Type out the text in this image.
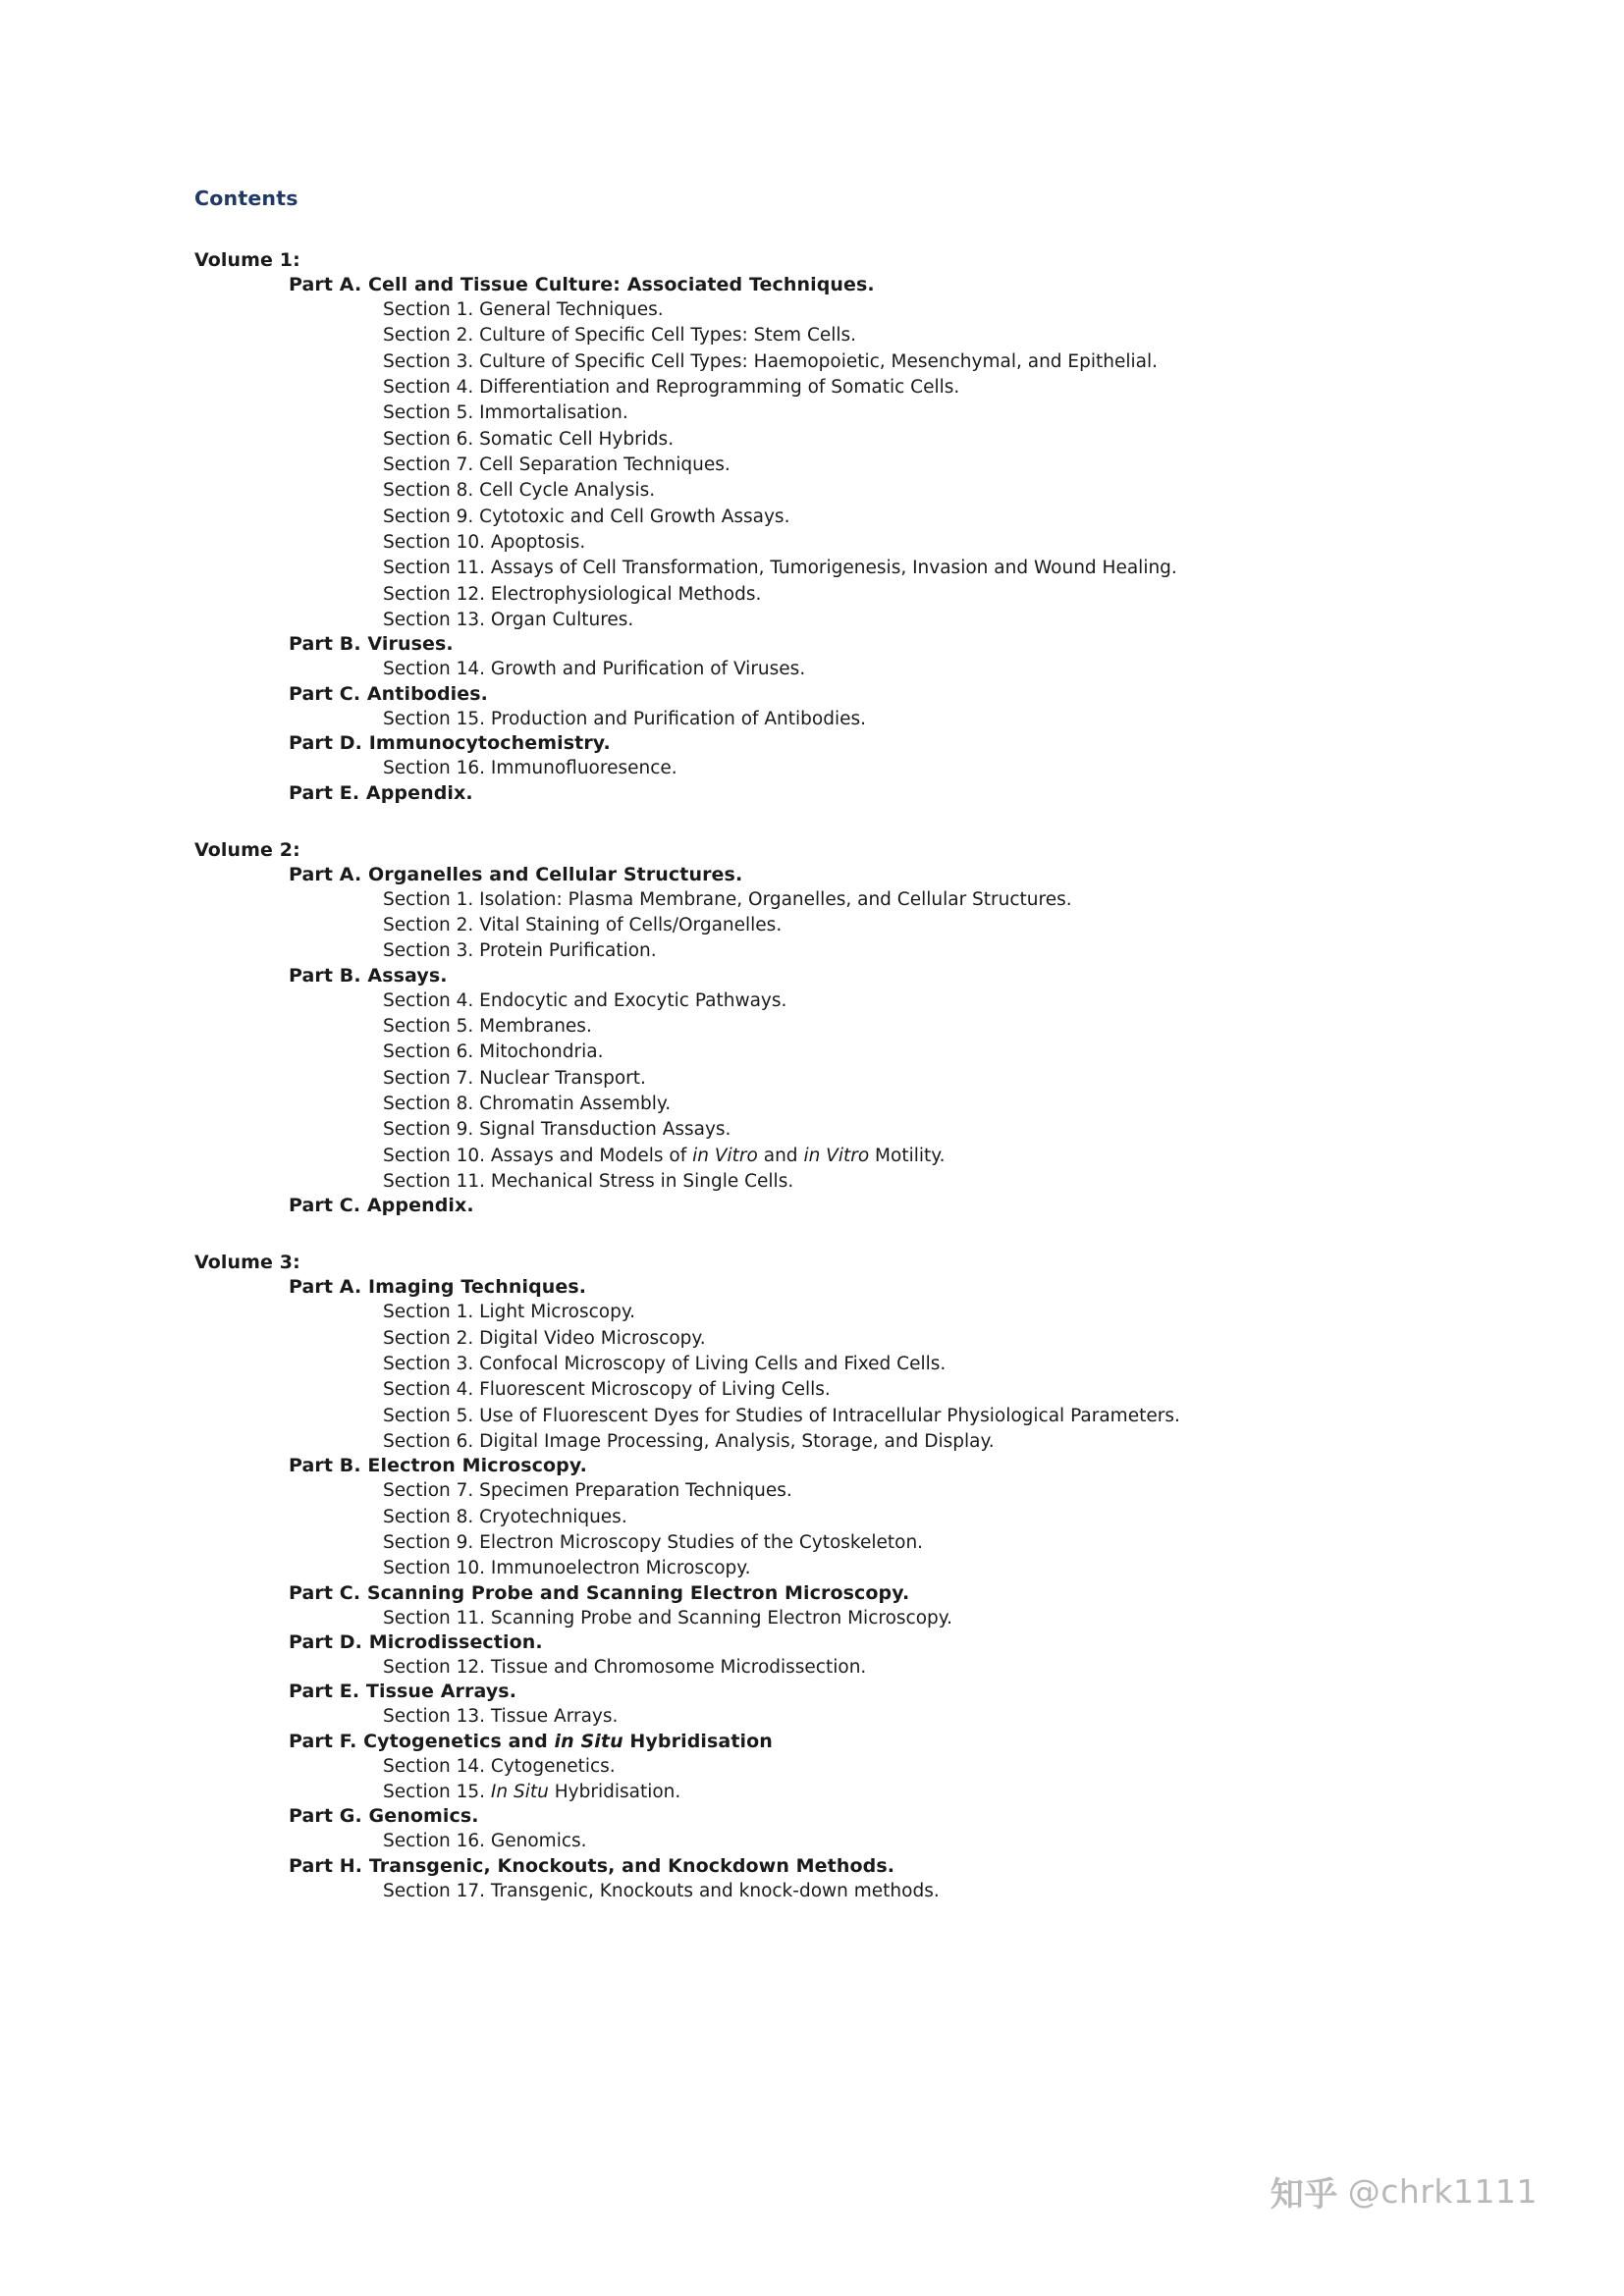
Contents
Volume 1:
Part A. Cell and Tissue Culture: Associated Techniques.
Section 1. General Techniques.
Section 2. Culture of Specific Cell Types: Stem Cells.
Section 3. Culture of Specific Cell Types: Haemopoietic, Mesenchymal, and Epithelial.
Section 4. Differentiation and Reprogramming of Somatic Cells.
Section 5. Immortalisation.
Section 6. Somatic Cell Hybrids.
Section 7. Cell Separation Techniques.
Section 8. Cell Cycle Analysis.
Section 9. Cytotoxic and Cell Growth Assays.
Section 10. Apoptosis.
Section 11. Assays of Cell Transformation, Tumorigenesis, Invasion and Wound Healing.
Section 12. Electrophysiological Methods.
Section 13. Organ Cultures.
Part B. Viruses.
Section 14. Growth and Purification of Viruses.
Part C. Antibodies.
Section 15. Production and Purification of Antibodies.
Part D. Immunocytochemistry.
Section 16. Immunofluoresence.
Part E. Appendix.
Volume 2:
Part A. Organelles and Cellular Structures.
Section 1. Isolation: Plasma Membrane, Organelles, and Cellular Structures.
Section 2. Vital Staining of Cells/Organelles.
Section 3. Protein Purification.
Part B. Assays.
Section 4. Endocytic and Exocytic Pathways.
Section 5. Membranes.
Section 6. Mitochondria.
Section 7. Nuclear Transport.
Section 8. Chromatin Assembly.
Section 9. Signal Transduction Assays.
Section 10. Assays and Models of in Vitro and in Vitro Motility.
Section 11. Mechanical Stress in Single Cells.
Part C. Appendix.
Volume 3:
Part A. Imaging Techniques.
Section 1. Light Microscopy.
Section 2. Digital Video Microscopy.
Section 3. Confocal Microscopy of Living Cells and Fixed Cells.
Section 4. Fluorescent Microscopy of Living Cells.
Section 5. Use of Fluorescent Dyes for Studies of Intracellular Physiological Parameters.
Section 6. Digital Image Processing, Analysis, Storage, and Display.
Part B. Electron Microscopy.
Section 7. Specimen Preparation Techniques.
Section 8. Cryotechniques.
Section 9. Electron Microscopy Studies of the Cytoskeleton.
Section 10. Immunoelectron Microscopy.
Part C. Scanning Probe and Scanning Electron Microscopy.
Section 11. Scanning Probe and Scanning Electron Microscopy.
Part D. Microdissection.
Section 12. Tissue and Chromosome Microdissection.
Part E. Tissue Arrays.
Section 13. Tissue Arrays.
Part F. Cytogenetics and in Situ Hybridisation
Section 14. Cytogenetics.
Section 15. In Situ Hybridisation.
Part G. Genomics.
Section 16. Genomics.
Part H. Transgenic, Knockouts, and Knockdown Methods.
Section 17. Transgenic, Knockouts and knock-down methods.
知乎 @chrk1111
